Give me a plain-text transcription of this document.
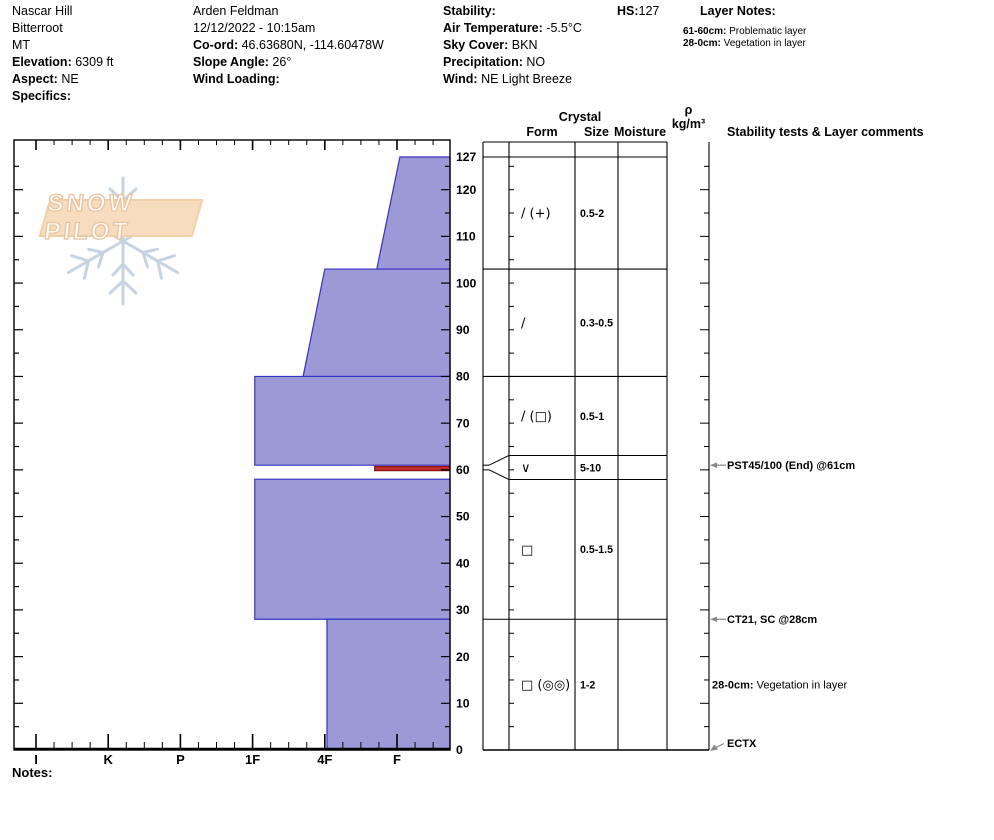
Nascar Hill
Bitterroot
MT
Elevation: 6309 ft
Aspect: NE
Specifics:
Arden Feldman
12/12/2022 - 10:15am
Co-ord: 46.63680N, -114.60478W
Slope Angle: 26°
Wind Loading:
Stability:
Air Temperature: -5.5°C
Sky Cover: BKN
Precipitation: NO
Wind: NE Light Breeze
HS:127	Layer Notes:
61-60cm: Problematic layer
28-0cm: Vegetation in layer
SNOW PILOT
Crystal
Form	Size Moisture
ρ
kg/m³
Stability tests & Layer comments
Notes:
I	K	P	1F	4F	F
0
10
20
30
40
50
60
70
80
90
100
110
120
127
/ (+)	0.5-2
/	0.3-0.5
/ (□)	0.5-1
∨	5-10
□	0.5-1.5
□ (◎◎) 1-2
PST45/100 (End) @61cm
CT21, SC @28cm
28-0cm: Vegetation in layer
ECTX
